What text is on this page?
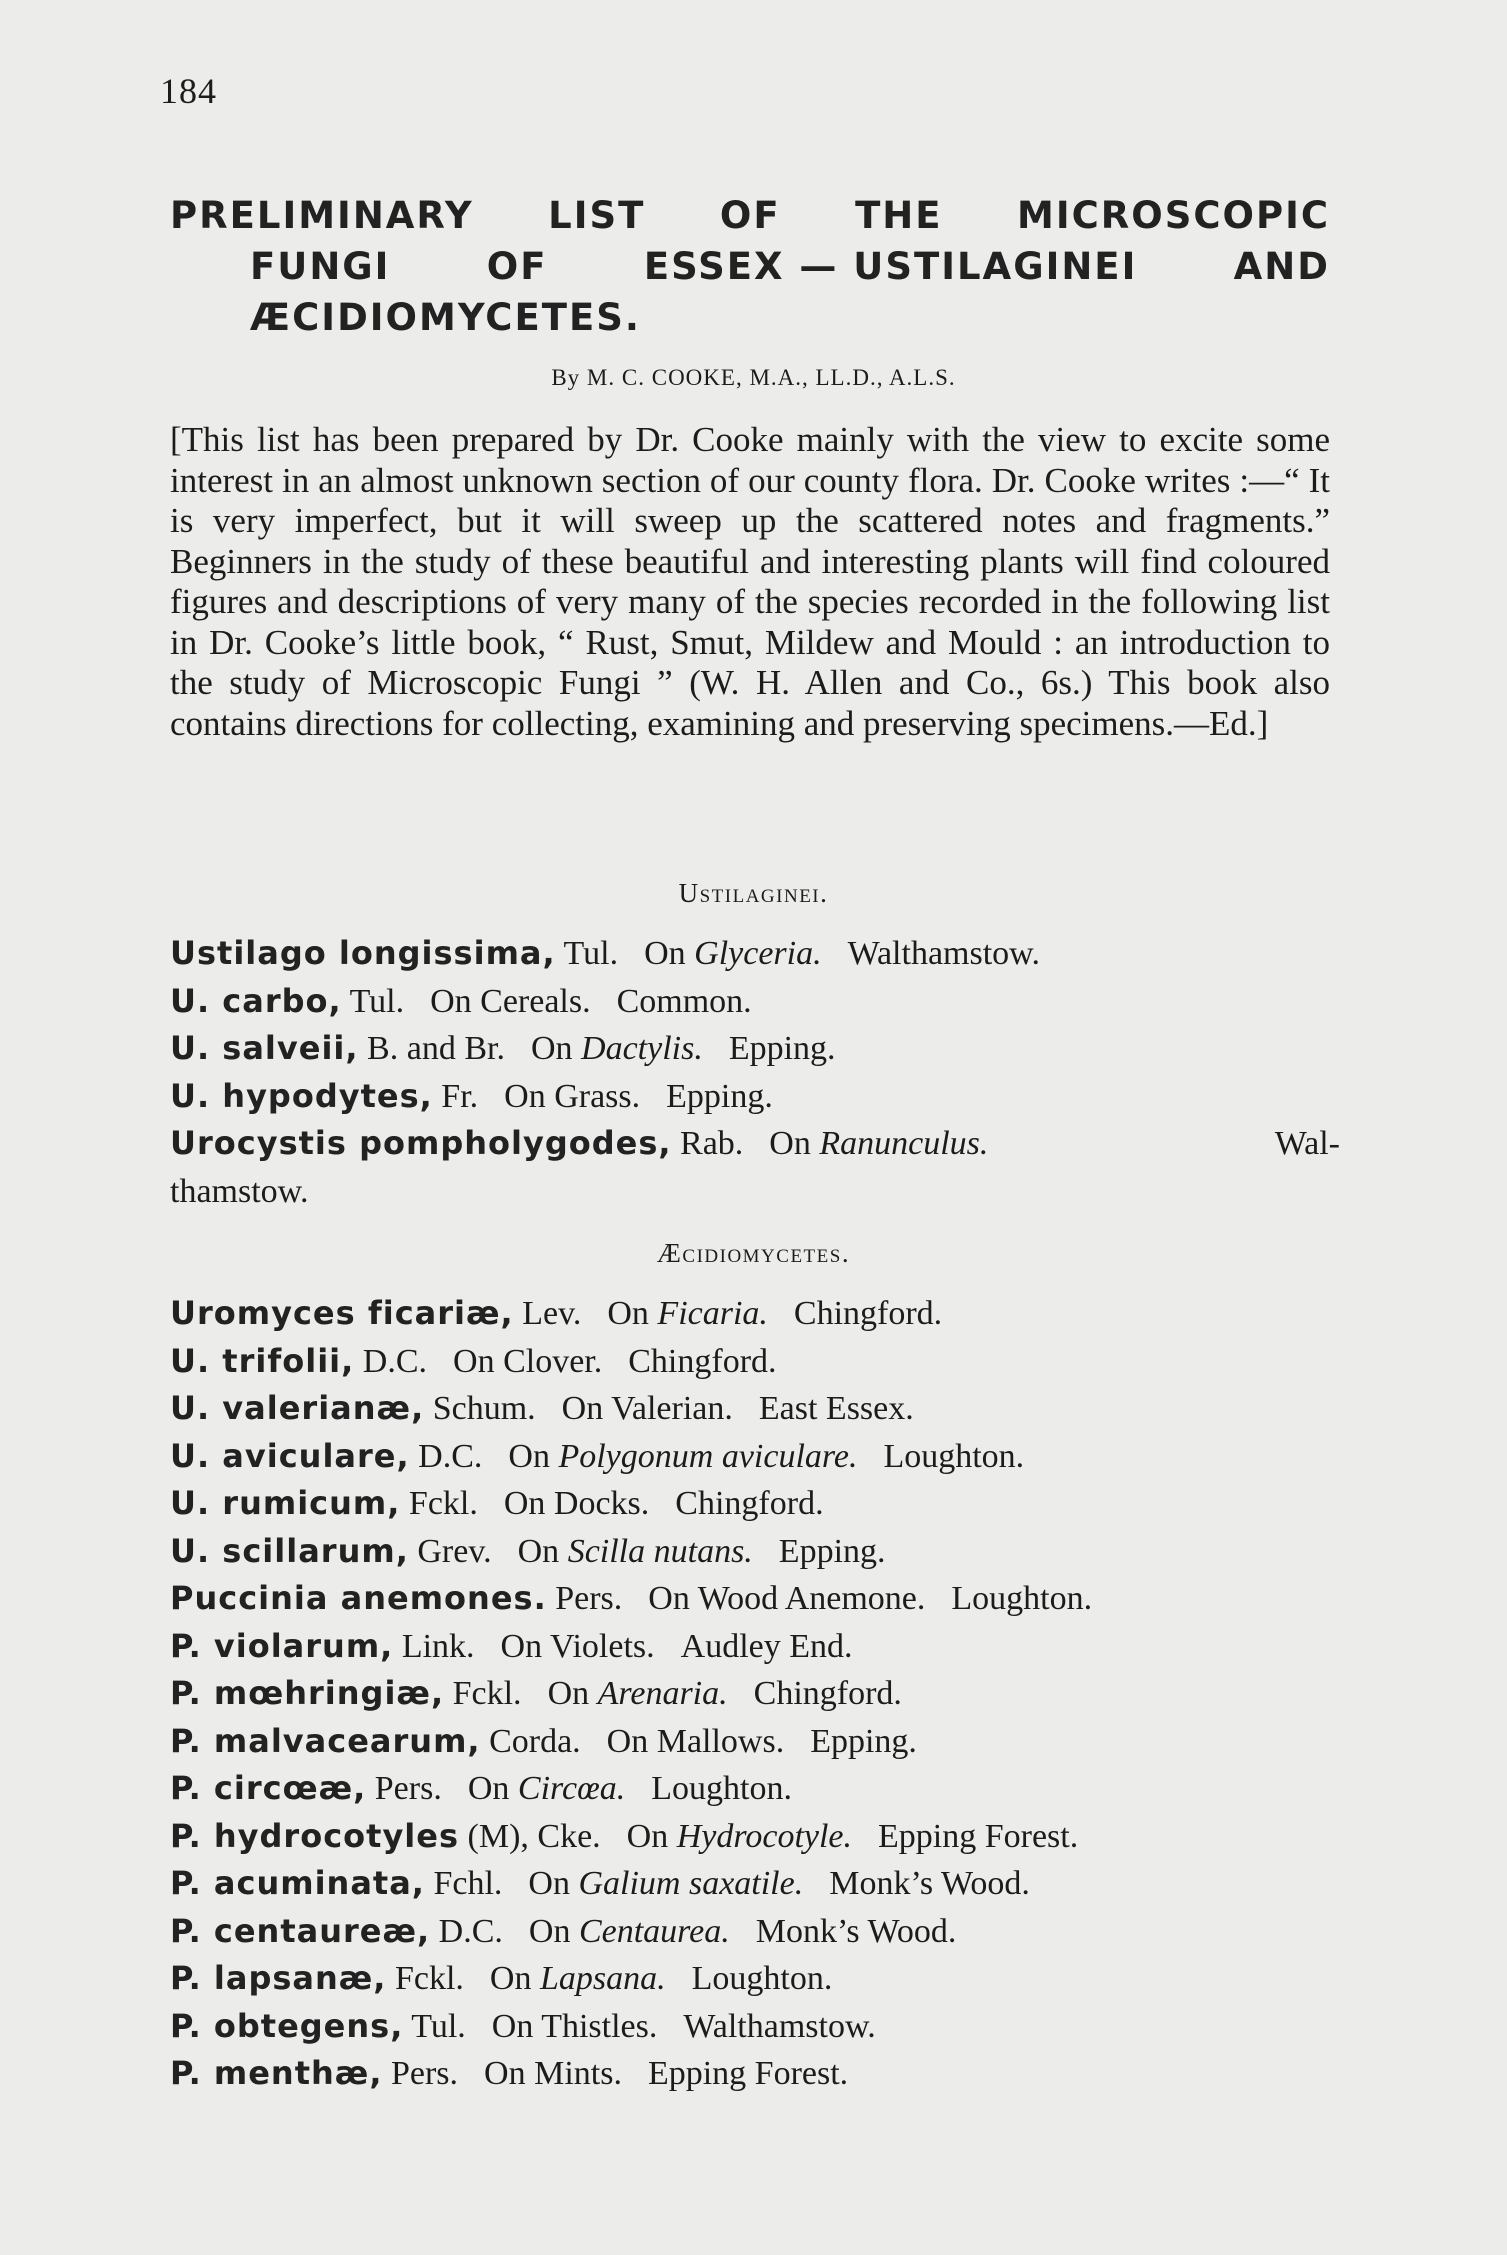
184
PRELIMINARY LIST OF THE MICROSCOPIC
FUNGI	OF	ESSEX — USTILAGINEI	AND
ÆCIDIOMYCETES.
By M. C. COOKE, M.A., LL.D., A.L.S.
[This list has been prepared by Dr. Cooke mainly with the view to excite some interest in an almost unknown section of our county flora. Dr. Cooke writes :—“ It is very imperfect, but it will sweep up the scattered notes and fragments.” Beginners in the study of these beautiful and interesting plants will find coloured figures and descriptions of very many of the species recorded in the following list in Dr. Cooke’s little book, “ Rust, Smut, Mildew and Mould : an introduction to the study of Microscopic Fungi ” (W. H. Allen and Co., 6s.) This book also contains directions for collecting, examining and preserving specimens.—Ed.]
Ustilaginei.
Ustilago longissima, Tul. On Glyceria. Walthamstow.
U. carbo, Tul. On Cereals. Common.
U. salveii, B. and Br. On Dactylis. Epping.
U. hypodytes, Fr. On Grass. Epping.
Urocystis pompholygodes, Rab. On Ranunculus.	Wal-
thamstow.
Æcidiomycetes.
Uromyces ficariæ, Lev. On Ficaria. Chingford.
U. trifolii, D.C. On Clover. Chingford.
U. valerianæ, Schum. On Valerian. East Essex.
U. aviculare, D.C. On Polygonum aviculare. Loughton.
U. rumicum, Fckl. On Docks. Chingford.
U. scillarum, Grev. On Scilla nutans. Epping.
Puccinia anemones. Pers. On Wood Anemone. Loughton.
P. violarum, Link. On Violets. Audley End.
P. mœhringiæ, Fckl. On Arenaria. Chingford.
P. malvacearum, Corda. On Mallows. Epping.
P. circœæ, Pers. On Circœa. Loughton.
P. hydrocotyles (M), Cke. On Hydrocotyle. Epping Forest.
P. acuminata, Fchl. On Galium saxatile. Monk’s Wood.
P. centaureæ, D.C. On Centaurea. Monk’s Wood.
P. lapsanæ, Fckl. On Lapsana. Loughton.
P. obtegens, Tul. On Thistles. Walthamstow.
P. menthæ, Pers. On Mints. Epping Forest.
